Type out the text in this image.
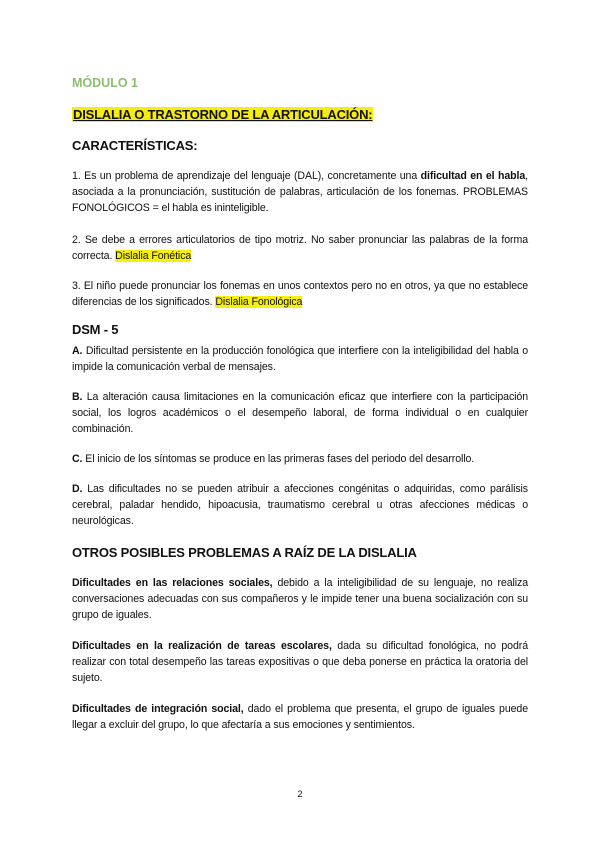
MÓDULO 1
DISLALIA O TRASTORNO DE LA ARTICULACIÓN:
CARACTERÍSTICAS:
1. Es un problema de aprendizaje del lenguaje (DAL), concretamente una dificultad en el habla, asociada a la pronunciación, sustitución de palabras, articulación de los fonemas. PROBLEMAS FONOLÓGICOS = el habla es ininteligible.
2. Se debe a errores articulatorios de tipo motriz. No saber pronunciar las palabras de la forma correcta. Dislalia Fonética
3. El niño puede pronunciar los fonemas en unos contextos pero no en otros, ya que no establece diferencias de los significados. Dislalia Fonológica
DSM - 5
A. Dificultad persistente en la producción fonológica que interfiere con la inteligibilidad del habla o impide la comunicación verbal de mensajes.
B. La alteración causa limitaciones en la comunicación eficaz que interfiere con la participación social, los logros académicos o el desempeño laboral, de forma individual o en cualquier combinación.
C. El inicio de los síntomas se produce en las primeras fases del periodo del desarrollo.
D. Las dificultades no se pueden atribuir a afecciones congénitas o adquiridas, como parálisis cerebral, paladar hendido, hipoacusia, traumatismo cerebral u otras afecciones médicas o neurológicas.
OTROS POSIBLES PROBLEMAS A RAÍZ DE LA DISLALIA
Dificultades en las relaciones sociales, debido a la inteligibilidad de su lenguaje, no realiza conversaciones adecuadas con sus compañeros y le impide tener una buena socialización con su grupo de iguales.
Dificultades en la realización de tareas escolares, dada su dificultad fonológica, no podrá realizar con total desempeño las tareas expositivas o que deba ponerse en práctica la oratoria del sujeto.
Dificultades de integración social, dado el problema que presenta, el grupo de iguales puede llegar a excluir del grupo, lo que afectaría a sus emociones y sentimientos.
2
